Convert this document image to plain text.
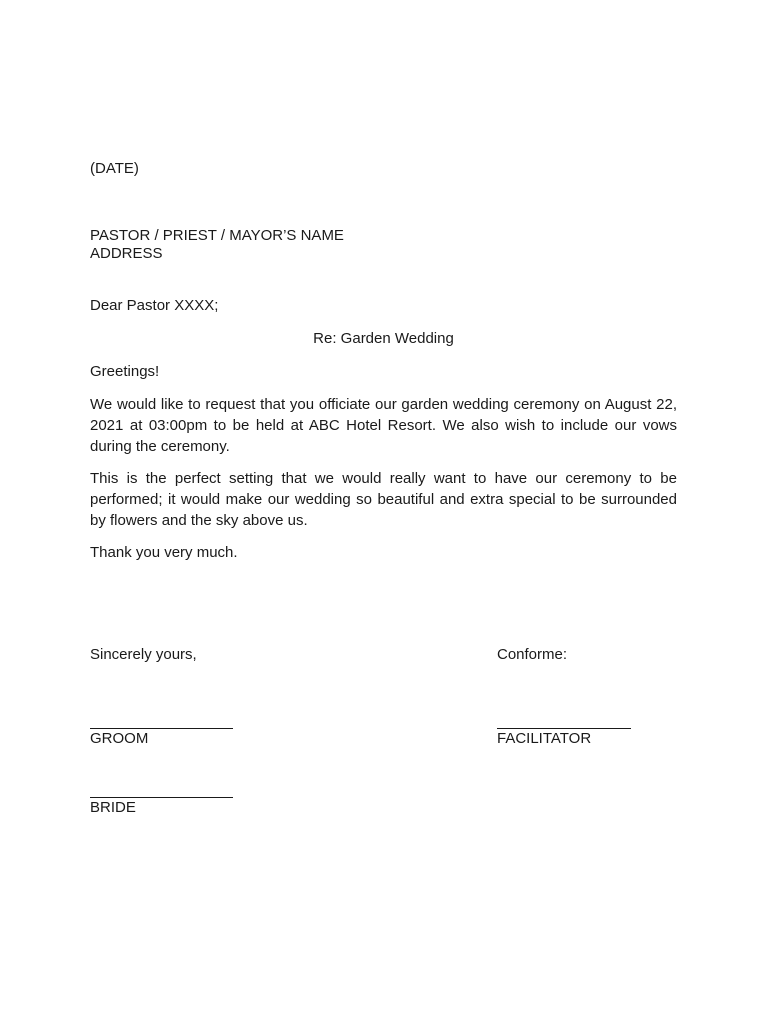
(DATE)
PASTOR / PRIEST / MAYOR’S NAME
ADDRESS
Dear Pastor XXXX;
Re: Garden Wedding
Greetings!
We would like to request that you officiate our garden wedding ceremony on August 22, 2021 at 03:00pm to be held at ABC Hotel Resort. We also wish to include our vows during the ceremony.
This is the perfect setting that we would really want to have our ceremony to be performed; it would make our wedding so beautiful and extra special to be surrounded by flowers and the sky above us.
Thank you very much.
Sincerely yours,	Conforme:
GROOM	FACILITATOR
BRIDE
